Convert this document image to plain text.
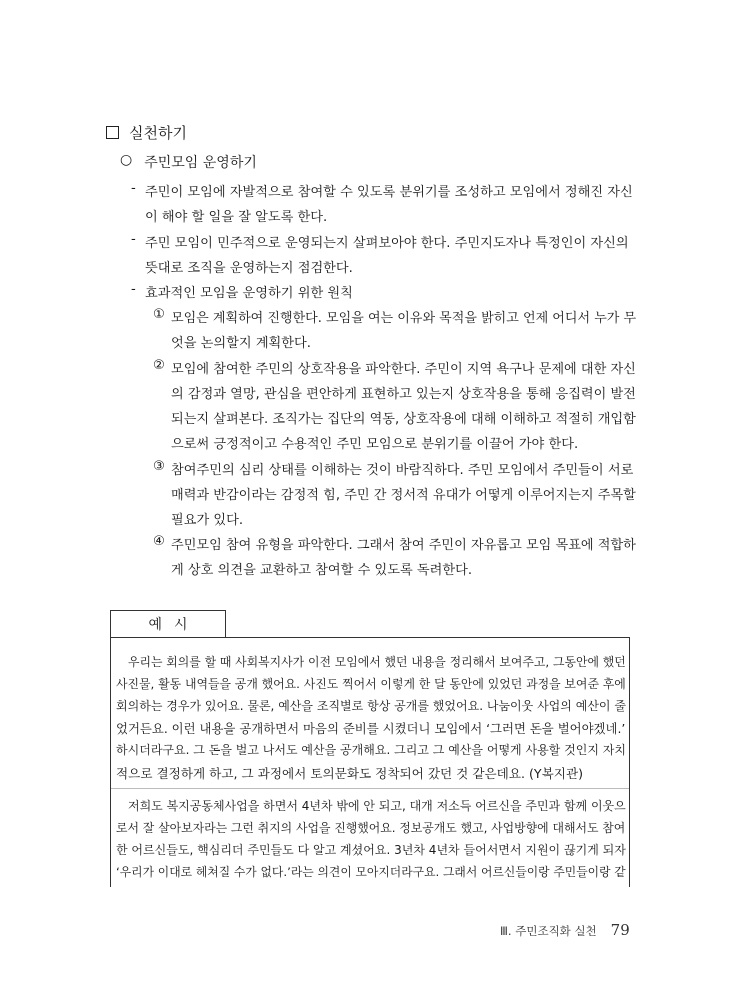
실천하기
○ 주민모임 운영하기
- 주민이 모임에 자발적으로 참여할 수 있도록 분위기를 조성하고 모임에서 정해진 자신
이 해야 할 일을 잘 알도록 한다.
- 주민 모임이 민주적으로 운영되는지 살펴보아야 한다. 주민지도자나 특정인이 자신의
뜻대로 조직을 운영하는지 점검한다.
- 효과적인 모임을 운영하기 위한 원칙
① 모임은 계획하여 진행한다. 모임을 여는 이유와 목적을 밝히고 언제 어디서 누가 무
엇을 논의할지 계획한다.
② 모임에 참여한 주민의 상호작용을 파악한다. 주민이 지역 욕구나 문제에 대한 자신
의 감정과 열망, 관심을 편안하게 표현하고 있는지 상호작용을 통해 응집력이 발전
되는지 살펴본다. 조직가는 집단의 역동, 상호작용에 대해 이해하고 적절히 개입함
으로써 긍정적이고 수용적인 주민 모임으로 분위기를 이끌어 가야 한다.
③ 참여주민의 심리 상태를 이해하는 것이 바람직하다. 주민 모임에서 주민들이 서로
매력과 반감이라는 감정적 힘, 주민 간 정서적 유대가 어떻게 이루어지는지 주목할
필요가 있다.
④ 주민모임 참여 유형을 파악한다. 그래서 참여 주민이 자유롭고 모임 목표에 적합하
게 상호 의견을 교환하고 참여할 수 있도록 독려한다.
예시
우리는 회의를 할 때 사회복지사가 이전 모임에서 했던 내용을 정리해서 보여주고, 그동안에 했던
사진물, 활동 내역들을 공개 했어요. 사진도 찍어서 이렇게 한 달 동안에 있었던 과정을 보여준 후에
회의하는 경우가 있어요. 물론, 예산을 조직별로 항상 공개를 했었어요. 나눔이웃 사업의 예산이 줄
었거든요. 이런 내용을 공개하면서 마음의 준비를 시켰더니 모임에서 ‘그러면 돈을 벌어야겠네.’
하시더라구요. 그 돈을 벌고 나서도 예산을 공개해요. 그리고 그 예산을 어떻게 사용할 것인지 자치
적으로 결정하게 하고, 그 과정에서 토의문화도 정착되어 갔던 것 같은데요. (Y복지관)
저희도 복지공동체사업을 하면서 4년차 밖에 안 되고, 대개 저소득 어르신을 주민과 함께 이웃으
로서 잘 살아보자라는 그런 취지의 사업을 진행했어요. 정보공개도 했고, 사업방향에 대해서도 참여
한 어르신들도, 핵심리더 주민들도 다 알고 계셨어요. 3년차 4년차 들어서면서 지원이 끊기게 되자
‘우리가 이대로 헤쳐질 수가 없다.’라는 의견이 모아지더라구요. 그래서 어르신들이랑 주민들이랑 같
Ⅲ. 주민조직화 실천 79
